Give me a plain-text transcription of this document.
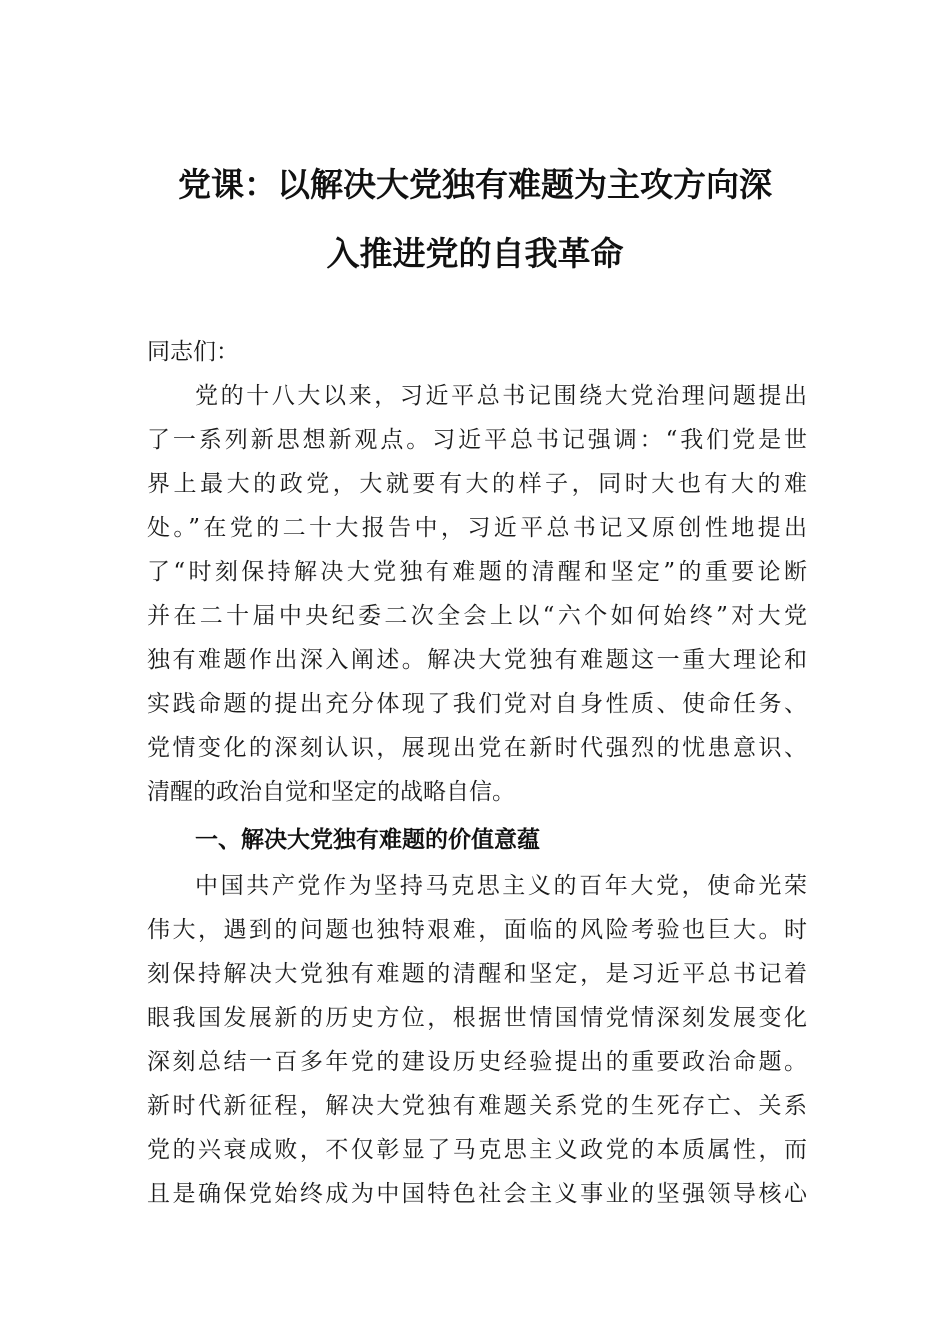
党课：以解决大党独有难题为主攻方向深
入推进党的自我革命
同志们：
党的十八大以来，习近平总书记围绕大党治理问题提出
了一系列新思想新观点。习近平总书记强调：“我们党是世
界上最大的政党，大就要有大的样子，同时大也有大的难
处。”在党的二十大报告中，习近平总书记又原创性地提出
了“时刻保持解决大党独有难题的清醒和坚定”的重要论断
并在二十届中央纪委二次全会上以“六个如何始终”对大党
独有难题作出深入阐述。解决大党独有难题这一重大理论和
实践命题的提出充分体现了我们党对自身性质、使命任务、
党情变化的深刻认识，展现出党在新时代强烈的忧患意识、
清醒的政治自觉和坚定的战略自信。
一、解决大党独有难题的价值意蕴
中国共产党作为坚持马克思主义的百年大党，使命光荣
伟大，遇到的问题也独特艰难，面临的风险考验也巨大。时
刻保持解决大党独有难题的清醒和坚定，是习近平总书记着
眼我国发展新的历史方位，根据世情国情党情深刻发展变化
深刻总结一百多年党的建设历史经验提出的重要政治命题。
新时代新征程，解决大党独有难题关系党的生死存亡、关系
党的兴衰成败，不仅彰显了马克思主义政党的本质属性，而
且是确保党始终成为中国特色社会主义事业的坚强领导核心
